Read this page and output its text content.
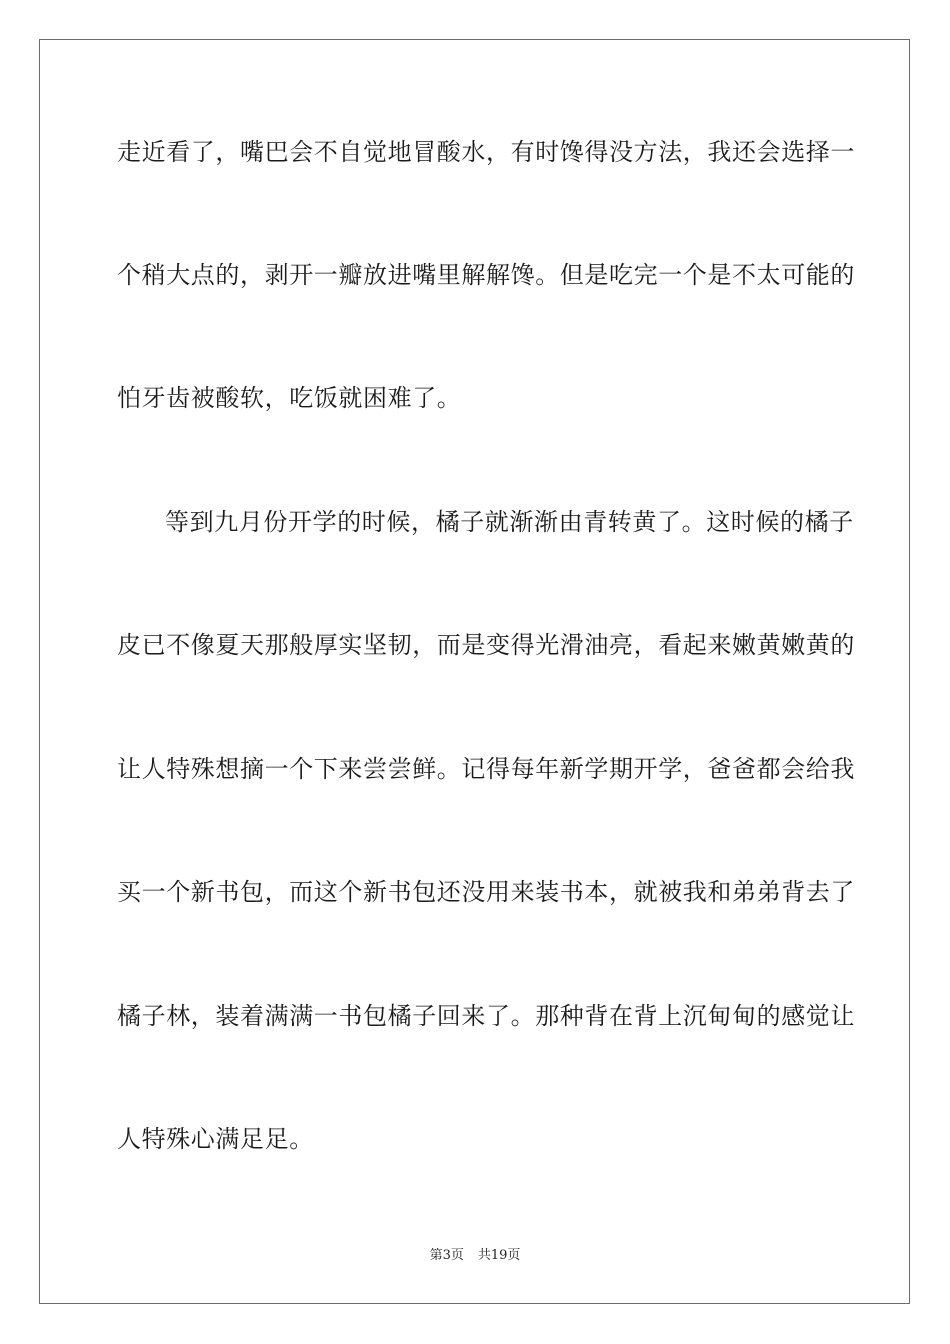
走近看了，嘴巴会不自觉地冒酸水，有时馋得没方法，我还会选择一
个稍大点的，剥开一瓣放进嘴里解解馋。但是吃完一个是不太可能的
怕牙齿被酸软，吃饭就困难了。
等到九月份开学的时候，橘子就渐渐由青转黄了。这时候的橘子
皮已不像夏天那般厚实坚韧，而是变得光滑油亮，看起来嫩黄嫩黄的
让人特殊想摘一个下来尝尝鲜。记得每年新学期开学，爸爸都会给我
买一个新书包，而这个新书包还没用来装书本，就被我和弟弟背去了
橘子林，装着满满一书包橘子回来了。那种背在背上沉甸甸的感觉让
人特殊心满足足。
第3页 共19页
